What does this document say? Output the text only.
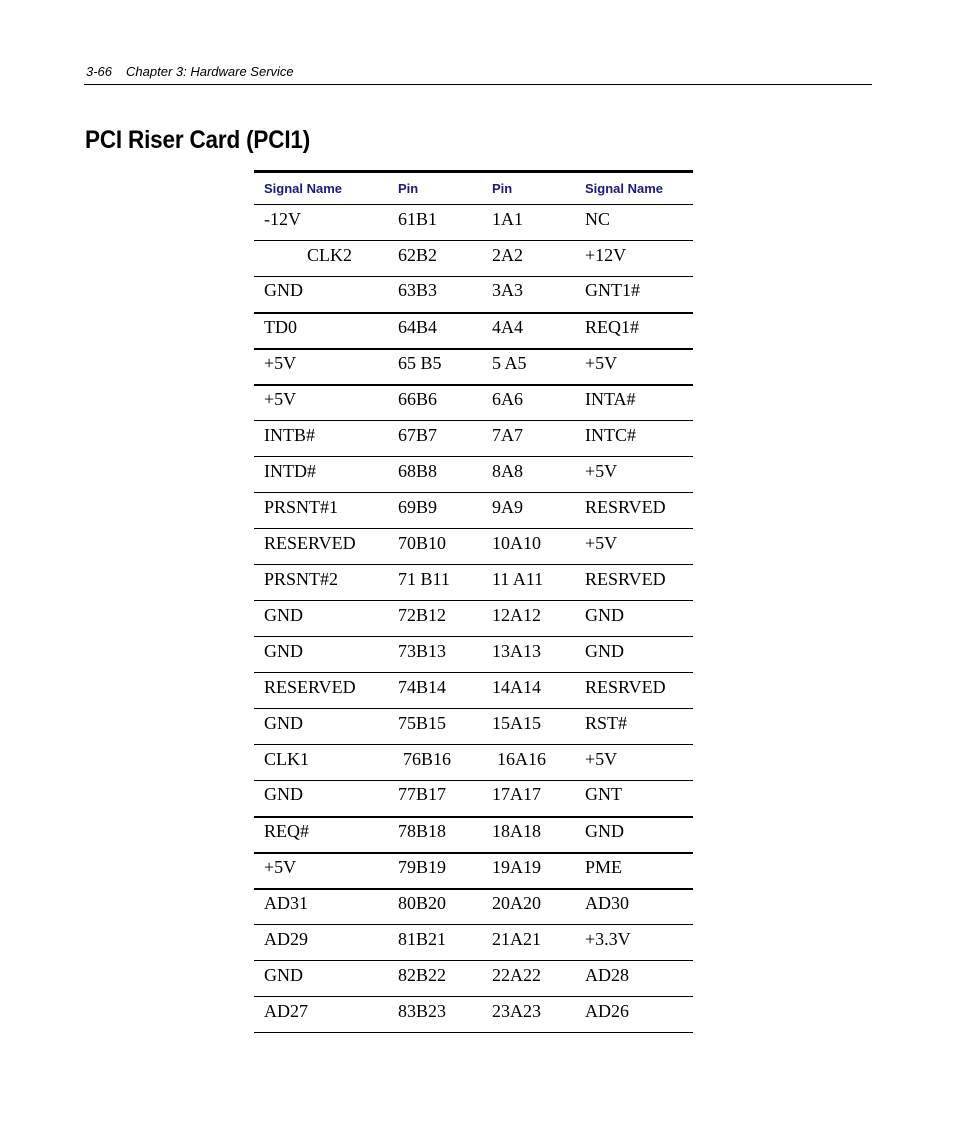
3-66 Chapter 3: Hardware Service
PCI Riser Card (PCI1)
Signal Name	Pin	Pin	Signal Name
-12V	61B1	1A1	NC
CLK2	62B2	2A2	+12V
GND	63B3	3A3	GNT1#
TD0	64B4	4A4	REQ1#
+5V	65 B5	5 A5	+5V
+5V	66B6	6A6	INTA#
INTB#	67B7	7A7	INTC#
INTD#	68B8	8A8	+5V
PRSNT#1	69B9	9A9	RESRVED
RESERVED	70B10	10A10	+5V
PRSNT#2	71 B11	11 A11	RESRVED
GND	72B12	12A12	GND
GND	73B13	13A13	GND
RESERVED	74B14	14A14	RESRVED
GND	75B15	15A15	RST#
CLK1	76B16	16A16	+5V
GND	77B17	17A17	GNT
REQ#	78B18	18A18	GND
+5V	79B19	19A19	PME
AD31	80B20	20A20	AD30
AD29	81B21	21A21	+3.3V
GND	82B22	22A22	AD28
AD27	83B23	23A23	AD26
